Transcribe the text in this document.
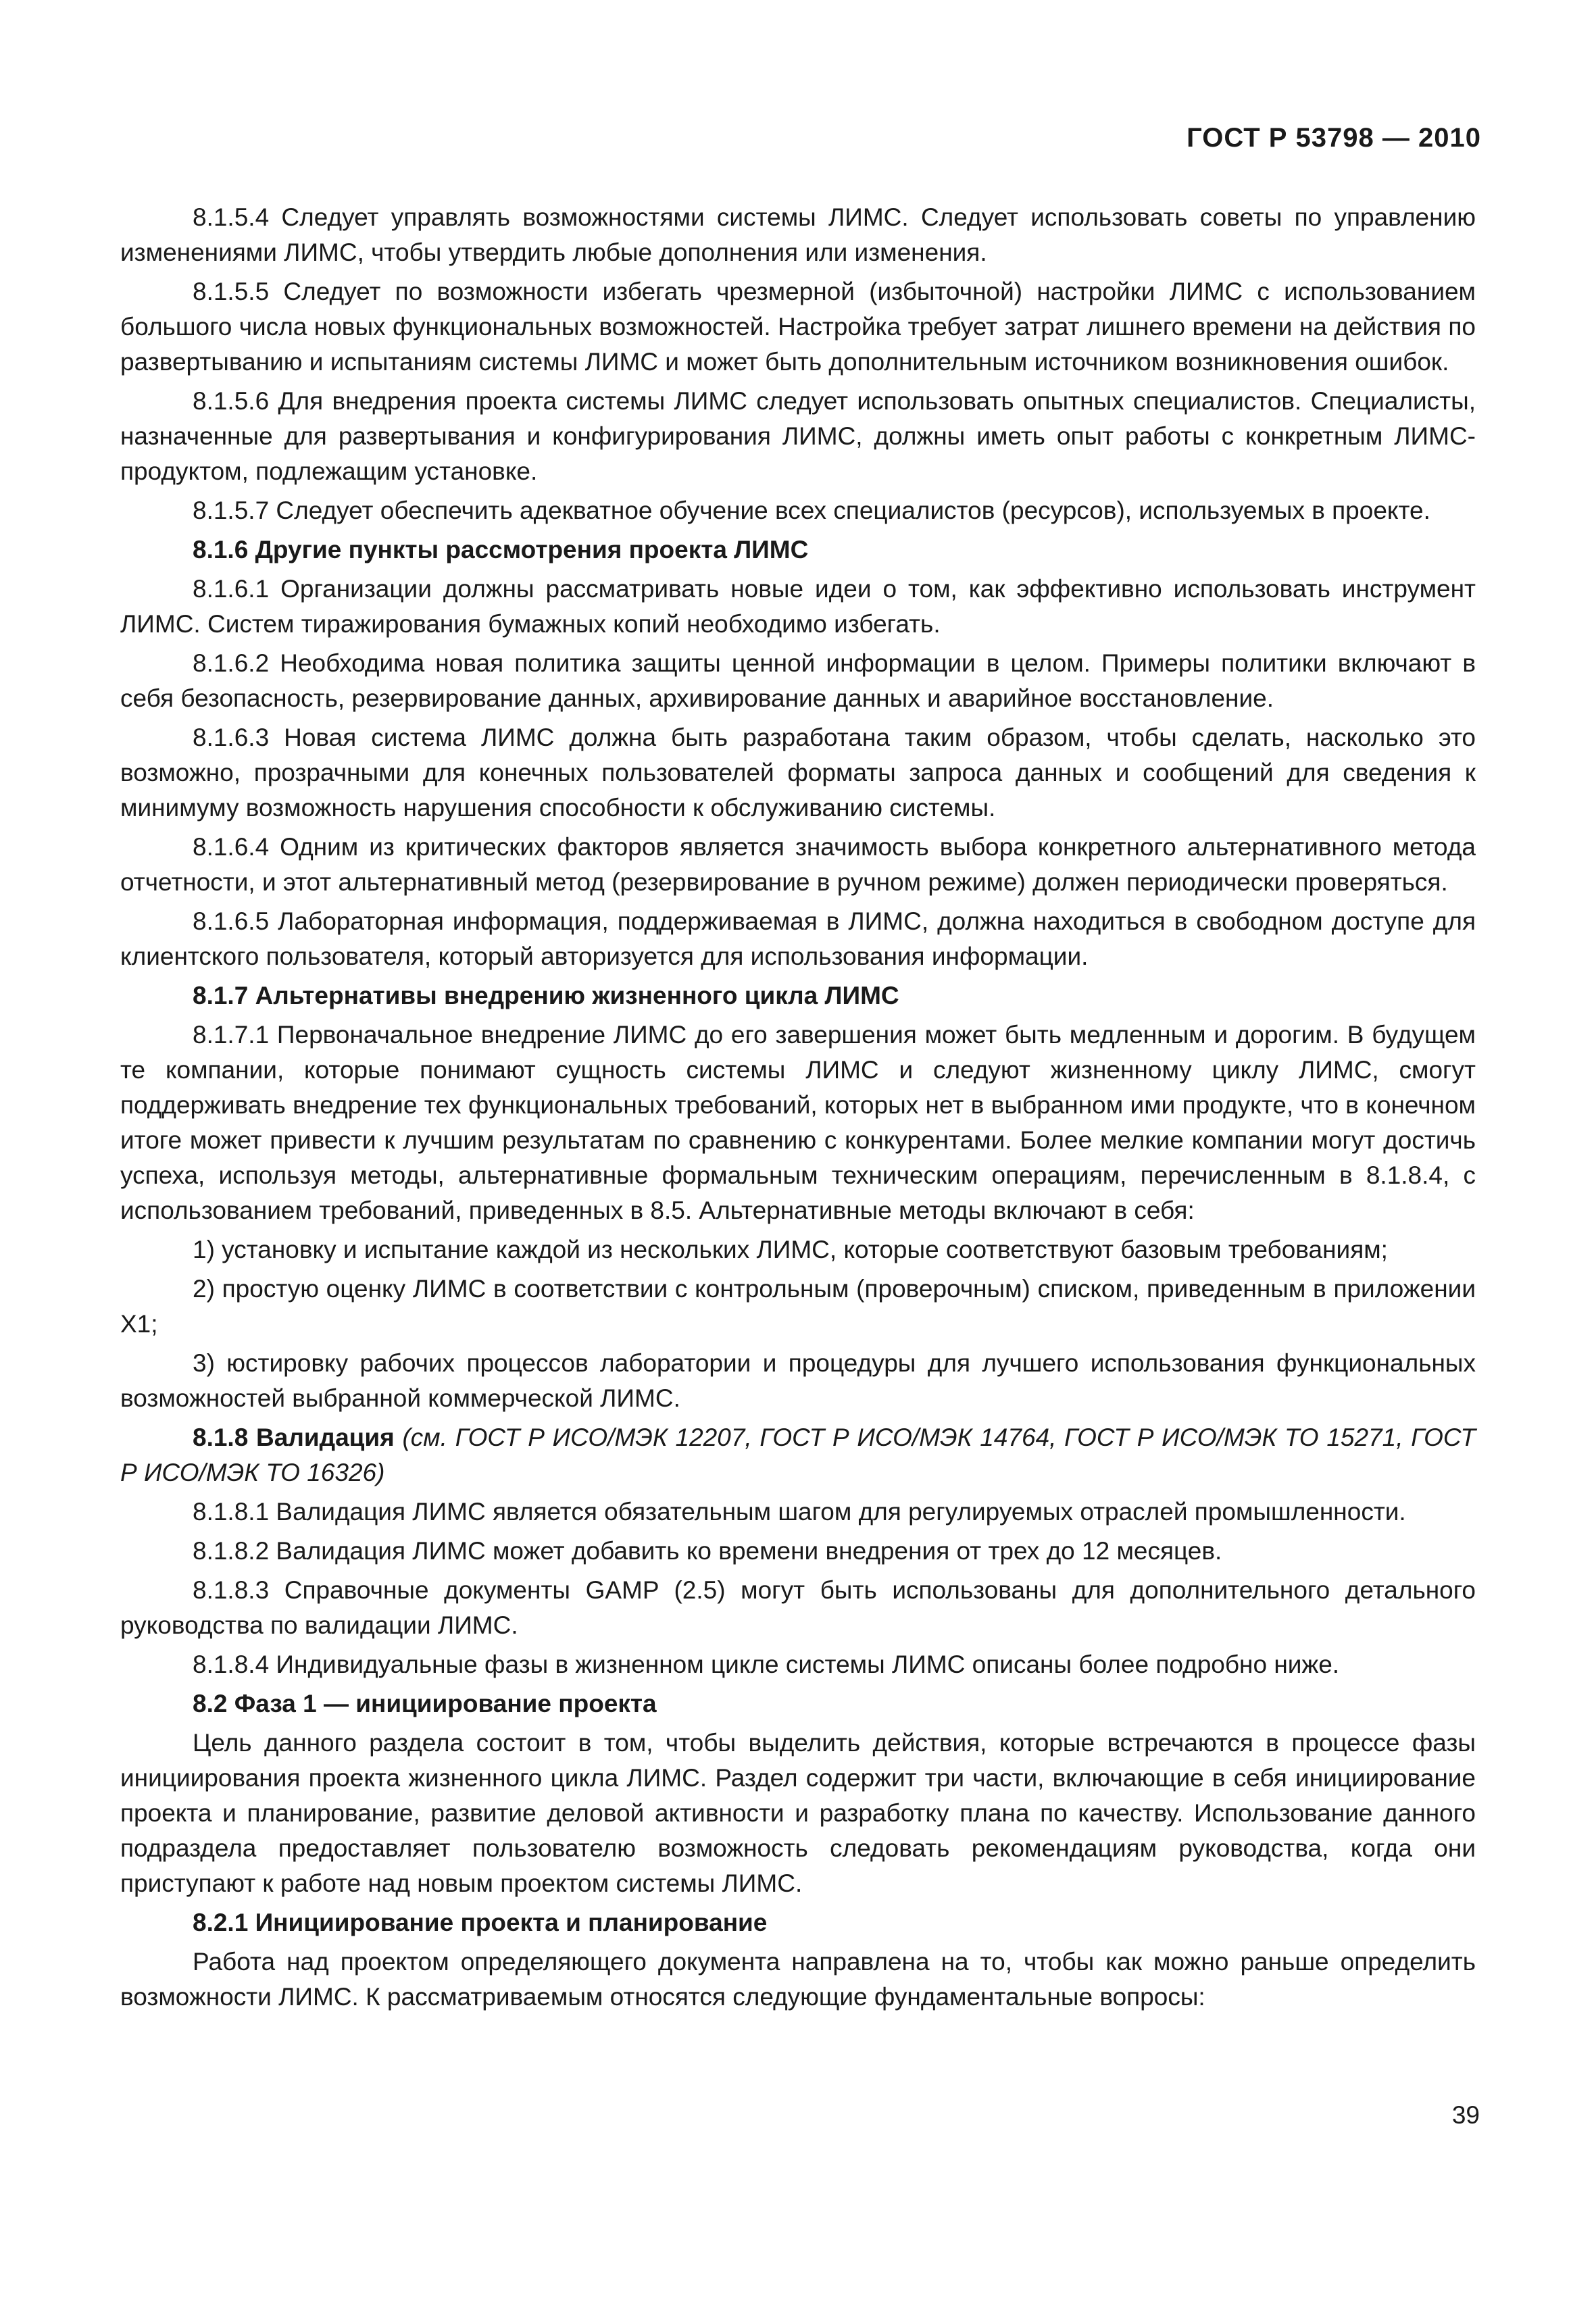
ГОСТ Р 53798 — 2010

8.1.5.4 Следует управлять возможностями системы ЛИМС. Следует использовать советы по управлению изменениями ЛИМС, чтобы утвердить любые дополнения или изменения.

8.1.5.5 Следует по возможности избегать чрезмерной (избыточной) настройки ЛИМС с использованием большого числа новых функциональных возможностей. Настройка требует затрат лишнего времени на действия по развертыванию и испытаниям системы ЛИМС и может быть дополнительным источником возникновения ошибок.

8.1.5.6 Для внедрения проекта системы ЛИМС следует использовать опытных специалистов. Специалисты, назначенные для развертывания и конфигурирования ЛИМС, должны иметь опыт работы с конкретным ЛИМС-продуктом, подлежащим установке.

8.1.5.7 Следует обеспечить адекватное обучение всех специалистов (ресурсов), используемых в проекте.

8.1.6 Другие пункты рассмотрения проекта ЛИМС

8.1.6.1 Организации должны рассматривать новые идеи о том, как эффективно использовать инструмент ЛИМС. Систем тиражирования бумажных копий необходимо избегать.

8.1.6.2 Необходима новая политика защиты ценной информации в целом. Примеры политики включают в себя безопасность, резервирование данных, архивирование данных и аварийное восстановление.

8.1.6.3 Новая система ЛИМС должна быть разработана таким образом, чтобы сделать, насколько это возможно, прозрачными для конечных пользователей форматы запроса данных и сообщений для сведения к минимуму возможность нарушения способности к обслуживанию системы.

8.1.6.4 Одним из критических факторов является значимость выбора конкретного альтернативного метода отчетности, и этот альтернативный метод (резервирование в ручном режиме) должен периодически проверяться.

8.1.6.5 Лабораторная информация, поддерживаемая в ЛИМС, должна находиться в свободном доступе для клиентского пользователя, который авторизуется для использования информации.

8.1.7 Альтернативы внедрению жизненного цикла ЛИМС

8.1.7.1 Первоначальное внедрение ЛИМС до его завершения может быть медленным и дорогим. В будущем те компании, которые понимают сущность системы ЛИМС и следуют жизненному циклу ЛИМС, смогут поддерживать внедрение тех функциональных требований, которых нет в выбранном ими продукте, что в конечном итоге может привести к лучшим результатам по сравнению с конкурентами. Более мелкие компании могут достичь успеха, используя методы, альтернативные формальным техническим операциям, перечисленным в 8.1.8.4, с использованием требований, приведенных в 8.5. Альтернативные методы включают в себя:

1) установку и испытание каждой из нескольких ЛИМС, которые соответствуют базовым требованиям;

2) простую оценку ЛИМС в соответствии с контрольным (проверочным) списком, приведенным в приложении X1;

3) юстировку рабочих процессов лаборатории и процедуры для лучшего использования функциональных возможностей выбранной коммерческой ЛИМС.

8.1.8 Валидация (см. ГОСТ Р ИСО/МЭК 12207, ГОСТ Р ИСО/МЭК 14764, ГОСТ Р ИСО/МЭК ТО 15271, ГОСТ Р ИСО/МЭК ТО 16326)

8.1.8.1 Валидация ЛИМС является обязательным шагом для регулируемых отраслей промышленности.

8.1.8.2 Валидация ЛИМС может добавить ко времени внедрения от трех до 12 месяцев.

8.1.8.3 Справочные документы GAMP (2.5) могут быть использованы для дополнительного детального руководства по валидации ЛИМС.

8.1.8.4 Индивидуальные фазы в жизненном цикле системы ЛИМС описаны более подробно ниже.

8.2 Фаза 1 — инициирование проекта

Цель данного раздела состоит в том, чтобы выделить действия, которые встречаются в процессе фазы инициирования проекта жизненного цикла ЛИМС. Раздел содержит три части, включающие в себя инициирование проекта и планирование, развитие деловой активности и разработку плана по качеству. Использование данного подраздела предоставляет пользователю возможность следовать рекомендациям руководства, когда они приступают к работе над новым проектом системы ЛИМС.

8.2.1 Инициирование проекта и планирование

Работа над проектом определяющего документа направлена на то, чтобы как можно раньше определить возможности ЛИМС. К рассматриваемым относятся следующие фундаментальные вопросы:

39
